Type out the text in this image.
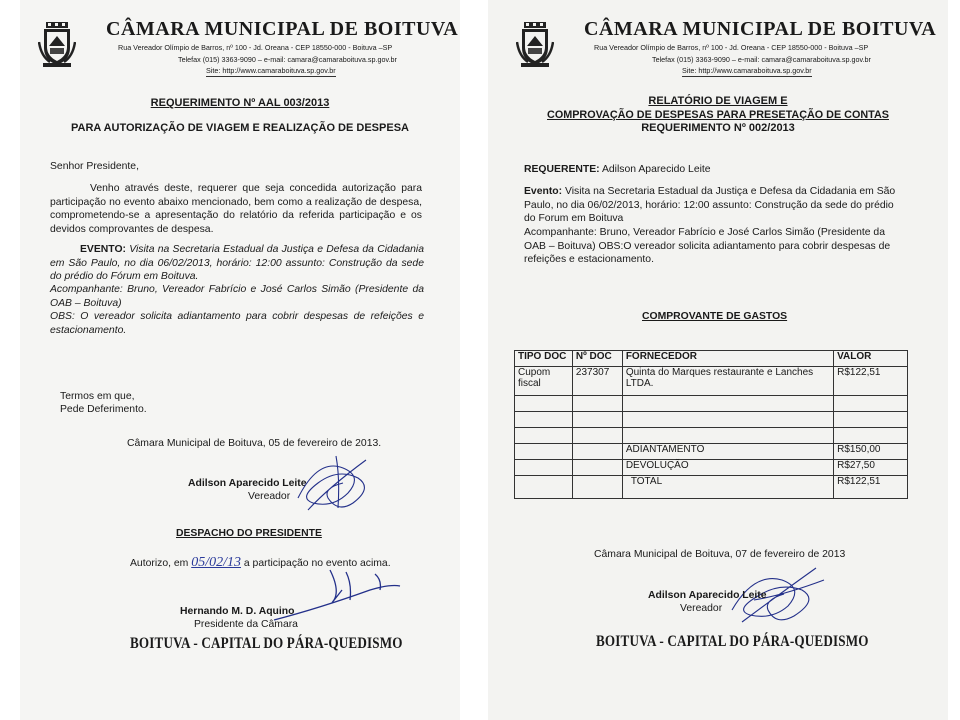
CÂMARA MUNICIPAL DE BOITUVA
Rua Vereador Olímpio de Barros, nº 100 - Jd. Oreana - CEP 18550-000 - Boituva –SP
Telefax (015) 3363-9090 – e-mail: camara@camaraboituva.sp.gov.br
Site: http://www.camaraboituva.sp.gov.br
REQUERIMENTO Nº AAL 003/2013
PARA AUTORIZAÇÃO DE VIAGEM E REALIZAÇÃO DE DESPESA
Senhor Presidente,
Venho através deste, requerer que seja concedida autorização para participação no evento abaixo mencionado, bem como a realização de despesa, comprometendo-se a apresentação do relatório da referida participação e os devidos comprovantes de despesa.
EVENTO: Visita na Secretaria Estadual da Justiça e Defesa da Cidadania em São Paulo, no dia 06/02/2013, horário: 12:00 assunto: Construção da sede do prédio do Fórum em Boituva.
Acompanhante: Bruno, Vereador Fabrício e José Carlos Simão (Presidente da OAB – Boituva)
OBS: O vereador solicita adiantamento para cobrir despesas de refeições e estacionamento.
Termos em que,
Pede Deferimento.
Câmara Municipal de Boituva, 05 de fevereiro de 2013.
Adilson Aparecido Leite
Vereador
DESPACHO DO PRESIDENTE
Autorizo, em 05/02/13 a participação no evento acima.
Hernando M. D. Aquino
Presidente da Câmara
BOITUVA - CAPITAL DO PÁRA-QUEDISMO
CÂMARA MUNICIPAL DE BOITUVA
Rua Vereador Olímpio de Barros, nº 100 - Jd. Oreana - CEP 18550-000 - Boituva –SP
Telefax (015) 3363-9090 – e-mail: camara@camaraboituva.sp.gov.br
Site: http://www.camaraboituva.sp.gov.br
RELATÓRIO DE VIAGEM E
COMPROVAÇÃO DE DESPESAS PARA PRESETAÇÃO DE CONTAS
REQUERIMENTO Nº 002/2013
REQUERENTE: Adilson Aparecido Leite
Evento: Visita na Secretaria Estadual da Justiça e Defesa da Cidadania em São Paulo, no dia 06/02/2013, horário: 12:00 assunto: Construção da sede do prédio do Forum em Boituva
Acompanhante: Bruno, Vereador Fabrício e José Carlos Simão (Presidente da OAB – Boituva) OBS:O vereador solicita adiantamento para cobrir despesas de refeições e estacionamento.
COMPROVANTE DE GASTOS
TIPO DOC	Nº DOC	FORNECEDOR	VALOR
Cupom fiscal	237307	Quinta do Marques restaurante e Lanches LTDA.	R$122,51

		ADIANTAMENTO	R$150,00
		DEVOLUÇÃO	R$27,50
		TOTAL	R$122,51
Câmara Municipal de Boituva, 07 de fevereiro de 2013
Adilson Aparecido Leite
Vereador
BOITUVA - CAPITAL DO PÁRA-QUEDISMO
